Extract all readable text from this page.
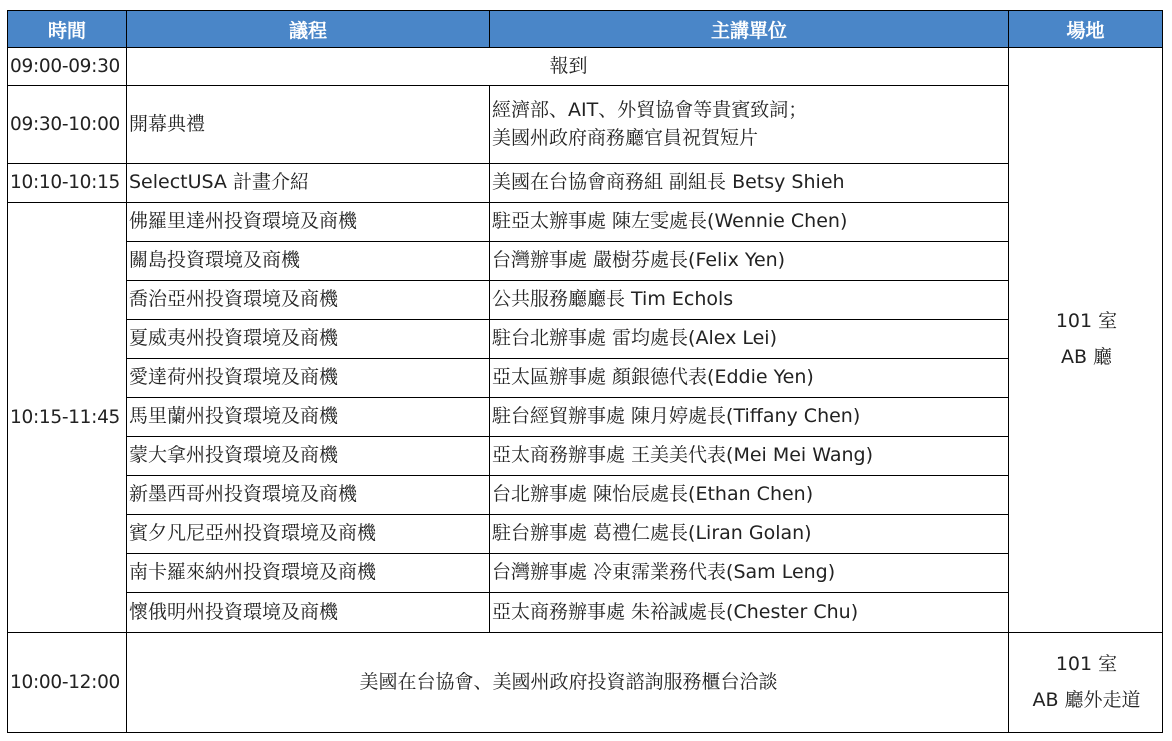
時間	議程	主講單位	場地
09:00-09:30	報到		101 室
AB 廳

09:30-10:00	開幕典禮	經濟部、AIT、外貿協會等貴賓致詞；
美國州政府商務廳官員祝賀短片	

10:10-10:15	SelectUSA 計畫介紹	美國在台協會商務組 副組長 Betsy Shieh	
10:15-11:45	佛羅里達州投資環境及商機	駐亞太辦事處 陳左雯處長(Wennie Chen)	
	關島投資環境及商機	台灣辦事處 嚴樹芬處長(Felix Yen)	
	喬治亞州投資環境及商機	公共服務廳廳長 Tim Echols	
	夏威夷州投資環境及商機	駐台北辦事處 雷均處長(Alex Lei)	
	愛達荷州投資環境及商機	亞太區辦事處 顏銀德代表(Eddie Yen)	
	馬里蘭州投資環境及商機	駐台經貿辦事處 陳月婷處長(Tiffany Chen)	
	蒙大拿州投資環境及商機	亞太商務辦事處 王美美代表(Mei Mei Wang)	
	新墨西哥州投資環境及商機	台北辦事處 陳怡辰處長(Ethan Chen)	
	賓夕凡尼亞州投資環境及商機	駐台辦事處 葛禮仁處長(Liran Golan)	
	南卡羅來納州投資環境及商機	台灣辦事處 冷東霈業務代表(Sam Leng)	
	懷俄明州投資環境及商機	亞太商務辦事處 朱裕誠處長(Chester Chu)	
10:00-12:00	美國在台協會、美國州政府投資諮詢服務櫃台洽談		101 室
AB 廳外走道
